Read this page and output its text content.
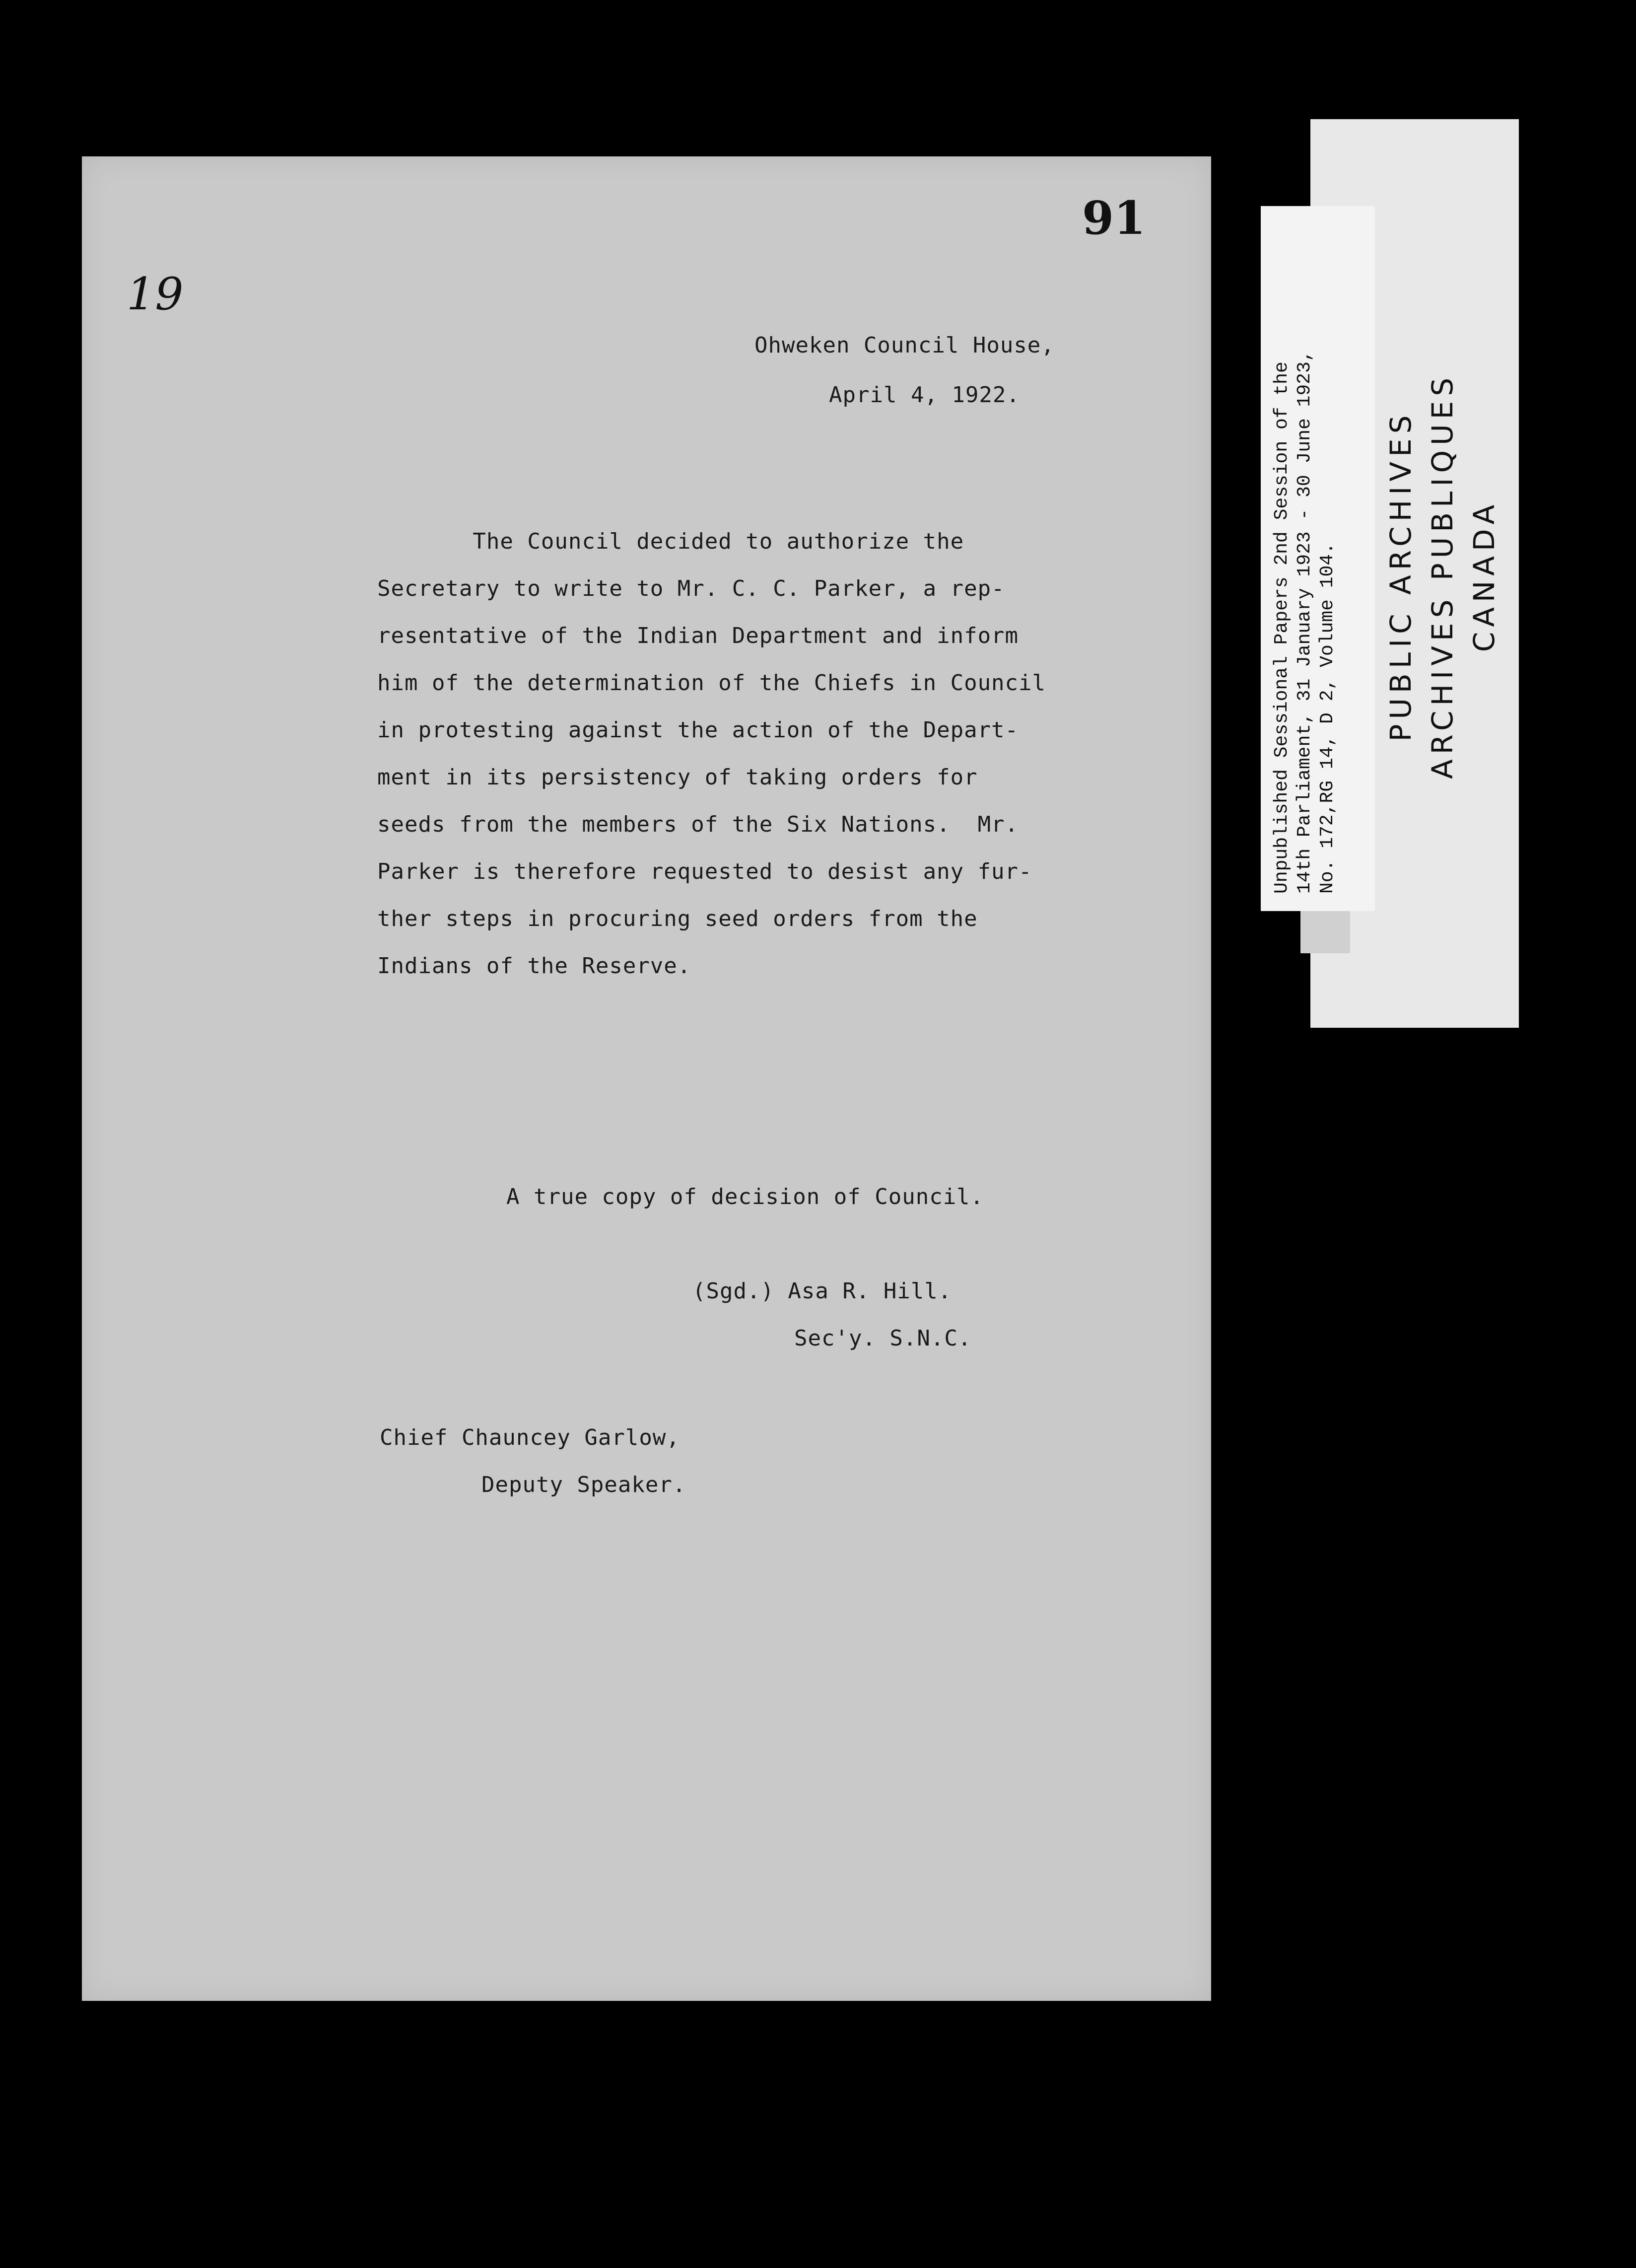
91
19
Ohweken Council House,
April 4, 1922.
The Council decided to authorize the
Secretary to write to Mr. C. C. Parker, a rep-
resentative of the Indian Department and inform
him of the determination of the Chiefs in Council
in protesting against the action of the Depart-
ment in its persistency of taking orders for
seeds from the members of the Six Nations.  Mr.
Parker is therefore requested to desist any fur-
ther steps in procuring seed orders from the
Indians of the Reserve.
A true copy of decision of Council.
(Sgd.) Asa R. Hill.
Sec'y. S.N.C.
Chief Chauncey Garlow,
Deputy Speaker.
Unpublished Sessional Papers 2nd Session of the
14th Parliament, 31 January 1923 - 30 June 1923,
No. 172,RG 14, D 2, Volume 104.
PUBLIC ARCHIVES
ARCHIVES PUBLIQUES
CANADA
